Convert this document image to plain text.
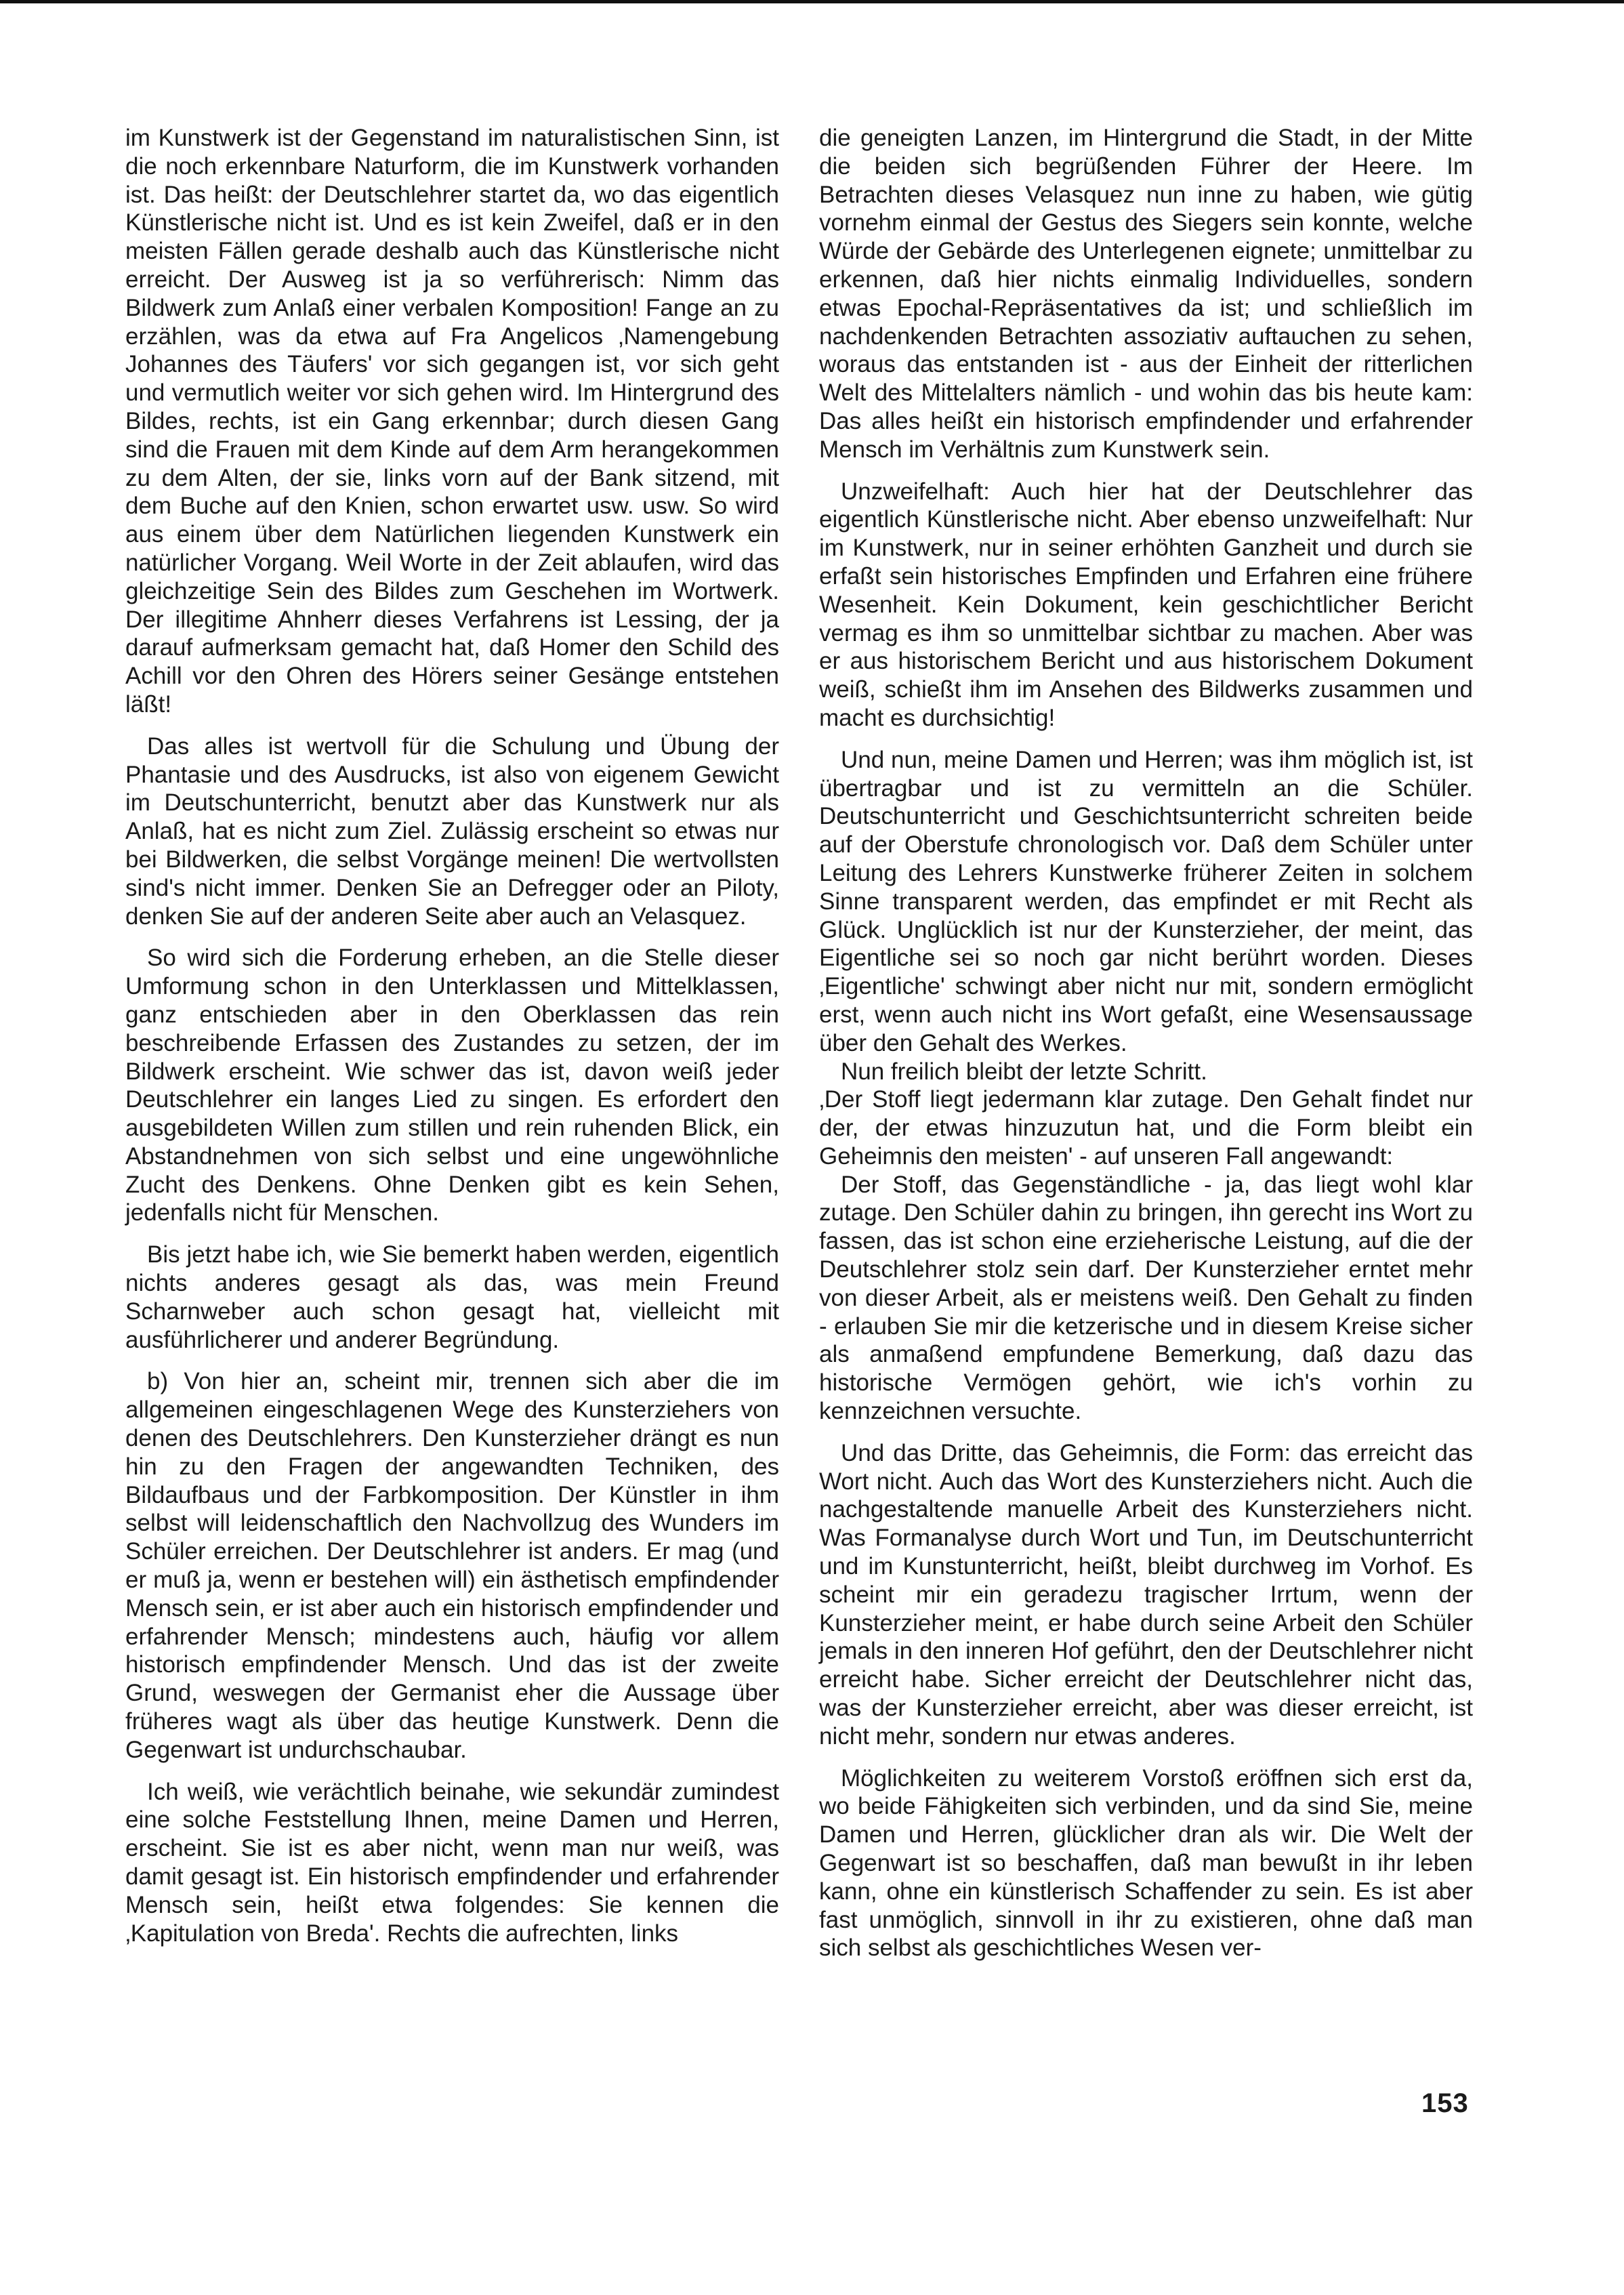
im Kunstwerk ist der Gegenstand im naturalistischen Sinn, ist die noch erkennbare Naturform, die im Kunstwerk vorhanden ist. Das heißt: der Deutschlehrer startet da, wo das eigentlich Künstlerische nicht ist. Und es ist kein Zweifel, daß er in den meisten Fällen gerade deshalb auch das Künstlerische nicht erreicht. Der Ausweg ist ja so verführerisch: Nimm das Bildwerk zum Anlaß einer verbalen Komposition! Fange an zu erzählen, was da etwa auf Fra Angelicos ‚Namengebung Johannes des Täufers' vor sich gegangen ist, vor sich geht und vermutlich weiter vor sich gehen wird. Im Hintergrund des Bildes, rechts, ist ein Gang erkennbar; durch diesen Gang sind die Frauen mit dem Kinde auf dem Arm herangekommen zu dem Alten, der sie, links vorn auf der Bank sitzend, mit dem Buche auf den Knien, schon erwartet usw. usw. So wird aus einem über dem Natürlichen liegenden Kunstwerk ein natürlicher Vorgang. Weil Worte in der Zeit ablaufen, wird das gleichzeitige Sein des Bildes zum Geschehen im Wortwerk. Der illegitime Ahnherr dieses Verfahrens ist Lessing, der ja darauf aufmerksam gemacht hat, daß Homer den Schild des Achill vor den Ohren des Hörers seiner Gesänge entstehen läßt!

Das alles ist wertvoll für die Schulung und Übung der Phantasie und des Ausdrucks, ist also von eigenem Gewicht im Deutschunterricht, benutzt aber das Kunstwerk nur als Anlaß, hat es nicht zum Ziel. Zulässig erscheint so etwas nur bei Bildwerken, die selbst Vorgänge meinen! Die wertvollsten sind's nicht immer. Denken Sie an Defregger oder an Piloty, denken Sie auf der anderen Seite aber auch an Velasquez.

So wird sich die Forderung erheben, an die Stelle dieser Umformung schon in den Unterklassen und Mittelklassen, ganz entschieden aber in den Oberklassen das rein beschreibende Erfassen des Zustandes zu setzen, der im Bildwerk erscheint. Wie schwer das ist, davon weiß jeder Deutschlehrer ein langes Lied zu singen. Es erfordert den ausgebildeten Willen zum stillen und rein ruhenden Blick, ein Abstandnehmen von sich selbst und eine ungewöhnliche Zucht des Denkens. Ohne Denken gibt es kein Sehen, jedenfalls nicht für Menschen.

Bis jetzt habe ich, wie Sie bemerkt haben werden, eigentlich nichts anderes gesagt als das, was mein Freund Scharnweber auch schon gesagt hat, vielleicht mit ausführlicherer und anderer Begründung.

b) Von hier an, scheint mir, trennen sich aber die im allgemeinen eingeschlagenen Wege des Kunsterziehers von denen des Deutschlehrers. Den Kunsterzieher drängt es nun hin zu den Fragen der angewandten Techniken, des Bildaufbaus und der Farbkomposition. Der Künstler in ihm selbst will leidenschaftlich den Nachvollzug des Wunders im Schüler erreichen. Der Deutschlehrer ist anders. Er mag (und er muß ja, wenn er bestehen will) ein ästhetisch empfindender Mensch sein, er ist aber auch ein historisch empfindender und erfahrender Mensch; mindestens auch, häufig vor allem historisch empfindender Mensch. Und das ist der zweite Grund, weswegen der Germanist eher die Aussage über früheres wagt als über das heutige Kunstwerk. Denn die Gegenwart ist undurchschaubar.

Ich weiß, wie verächtlich beinahe, wie sekundär zumindest eine solche Feststellung Ihnen, meine Damen und Herren, erscheint. Sie ist es aber nicht, wenn man nur weiß, was damit gesagt ist. Ein historisch empfindender und erfahrender Mensch sein, heißt etwa folgendes: Sie kennen die ‚Kapitulation von Breda'. Rechts die aufrechten, links

die geneigten Lanzen, im Hintergrund die Stadt, in der Mitte die beiden sich begrüßenden Führer der Heere. Im Betrachten dieses Velasquez nun inne zu haben, wie gütig vornehm einmal der Gestus des Siegers sein konnte, welche Würde der Gebärde des Unterlegenen eignete; unmittelbar zu erkennen, daß hier nichts einmalig Individuelles, sondern etwas Epochal-Repräsentatives da ist; und schließlich im nachdenkenden Betrachten assoziativ auftauchen zu sehen, woraus das entstanden ist - aus der Einheit der ritterlichen Welt des Mittelalters nämlich - und wohin das bis heute kam: Das alles heißt ein historisch empfindender und erfahrender Mensch im Verhältnis zum Kunstwerk sein.

Unzweifelhaft: Auch hier hat der Deutschlehrer das eigentlich Künstlerische nicht. Aber ebenso unzweifelhaft: Nur im Kunstwerk, nur in seiner erhöhten Ganzheit und durch sie erfaßt sein historisches Empfinden und Erfahren eine frühere Wesenheit. Kein Dokument, kein geschichtlicher Bericht vermag es ihm so unmittelbar sichtbar zu machen. Aber was er aus historischem Bericht und aus historischem Dokument weiß, schießt ihm im Ansehen des Bildwerks zusammen und macht es durchsichtig!

Und nun, meine Damen und Herren; was ihm möglich ist, ist übertragbar und ist zu vermitteln an die Schüler. Deutschunterricht und Geschichtsunterricht schreiten beide auf der Oberstufe chronologisch vor. Daß dem Schüler unter Leitung des Lehrers Kunstwerke früherer Zeiten in solchem Sinne transparent werden, das empfindet er mit Recht als Glück. Unglücklich ist nur der Kunsterzieher, der meint, das Eigentliche sei so noch gar nicht berührt worden. Dieses ‚Eigentliche' schwingt aber nicht nur mit, sondern ermöglicht erst, wenn auch nicht ins Wort gefaßt, eine Wesensaussage über den Gehalt des Werkes.

Nun freilich bleibt der letzte Schritt.

‚Der Stoff liegt jedermann klar zutage. Den Gehalt findet nur der, der etwas hinzuzutun hat, und die Form bleibt ein Geheimnis den meisten' - auf unseren Fall angewandt:

Der Stoff, das Gegenständliche - ja, das liegt wohl klar zutage. Den Schüler dahin zu bringen, ihn gerecht ins Wort zu fassen, das ist schon eine erzieherische Leistung, auf die der Deutschlehrer stolz sein darf. Der Kunsterzieher erntet mehr von dieser Arbeit, als er meistens weiß. Den Gehalt zu finden - erlauben Sie mir die ketzerische und in diesem Kreise sicher als anmaßend empfundene Bemerkung, daß dazu das historische Vermögen gehört, wie ich's vorhin zu kennzeichnen versuchte.

Und das Dritte, das Geheimnis, die Form: das erreicht das Wort nicht. Auch das Wort des Kunsterziehers nicht. Auch die nachgestaltende manuelle Arbeit des Kunsterziehers nicht. Was Formanalyse durch Wort und Tun, im Deutschunterricht und im Kunstunterricht, heißt, bleibt durchweg im Vorhof. Es scheint mir ein geradezu tragischer Irrtum, wenn der Kunsterzieher meint, er habe durch seine Arbeit den Schüler jemals in den inneren Hof geführt, den der Deutschlehrer nicht erreicht habe. Sicher erreicht der Deutschlehrer nicht das, was der Kunsterzieher erreicht, aber was dieser erreicht, ist nicht mehr, sondern nur etwas anderes.

Möglichkeiten zu weiterem Vorstoß eröffnen sich erst da, wo beide Fähigkeiten sich verbinden, und da sind Sie, meine Damen und Herren, glücklicher dran als wir. Die Welt der Gegenwart ist so beschaffen, daß man bewußt in ihr leben kann, ohne ein künstlerisch Schaffender zu sein. Es ist aber fast unmöglich, sinnvoll in ihr zu existieren, ohne daß man sich selbst als geschichtliches Wesen ver-

153
